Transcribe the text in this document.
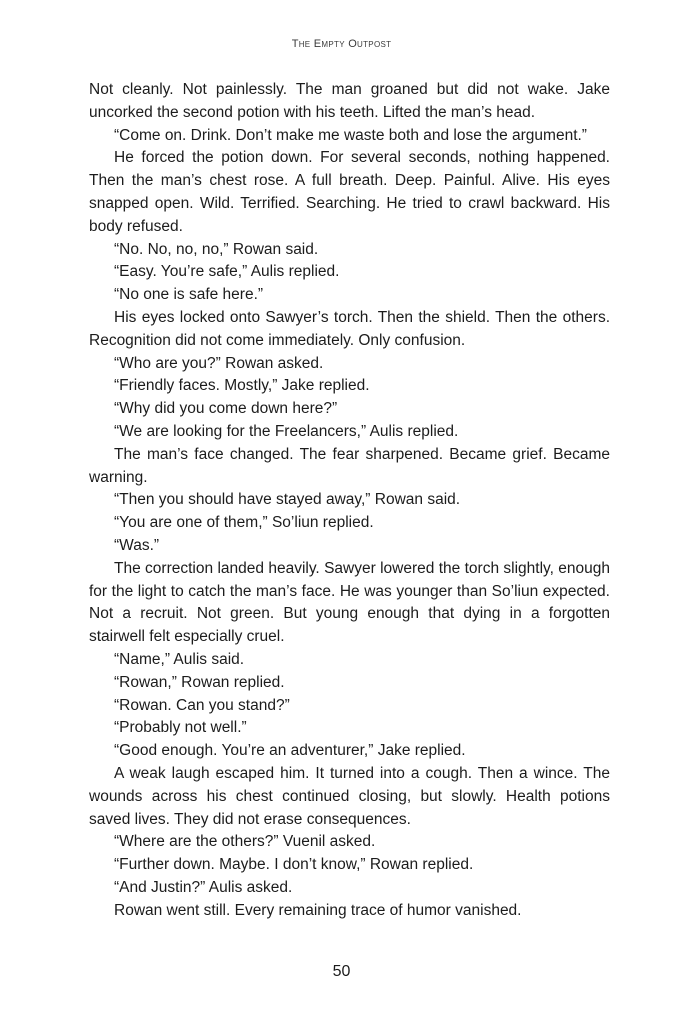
The Empty Outpost

Not cleanly. Not painlessly. The man groaned but did not wake. Jake uncorked the second potion with his teeth. Lifted the man’s head.

“Come on. Drink. Don’t make me waste both and lose the argument.”

He forced the potion down. For several seconds, nothing happened. Then the man’s chest rose. A full breath. Deep. Painful. Alive. His eyes snapped open. Wild. Terrified. Searching. He tried to crawl backward. His body refused.

“No. No, no, no,” Rowan said.

“Easy. You’re safe,” Aulis replied.

“No one is safe here.”

His eyes locked onto Sawyer’s torch. Then the shield. Then the others. Recognition did not come immediately. Only confusion.

“Who are you?” Rowan asked.

“Friendly faces. Mostly,” Jake replied.

“Why did you come down here?”

“We are looking for the Freelancers,” Aulis replied.

The man’s face changed. The fear sharpened. Became grief. Became warning.

“Then you should have stayed away,” Rowan said.

“You are one of them,” So’liun replied.

“Was.”

The correction landed heavily. Sawyer lowered the torch slightly, enough for the light to catch the man’s face. He was younger than So’liun expected. Not a recruit. Not green. But young enough that dying in a forgotten stairwell felt especially cruel.

“Name,” Aulis said.

“Rowan,” Rowan replied.

“Rowan. Can you stand?”

“Probably not well.”

“Good enough. You’re an adventurer,” Jake replied.

A weak laugh escaped him. It turned into a cough. Then a wince. The wounds across his chest continued closing, but slowly. Health potions saved lives. They did not erase consequences.

“Where are the others?” Vuenil asked.

“Further down. Maybe. I don’t know,” Rowan replied.

“And Justin?” Aulis asked.

Rowan went still. Every remaining trace of humor vanished.

50
